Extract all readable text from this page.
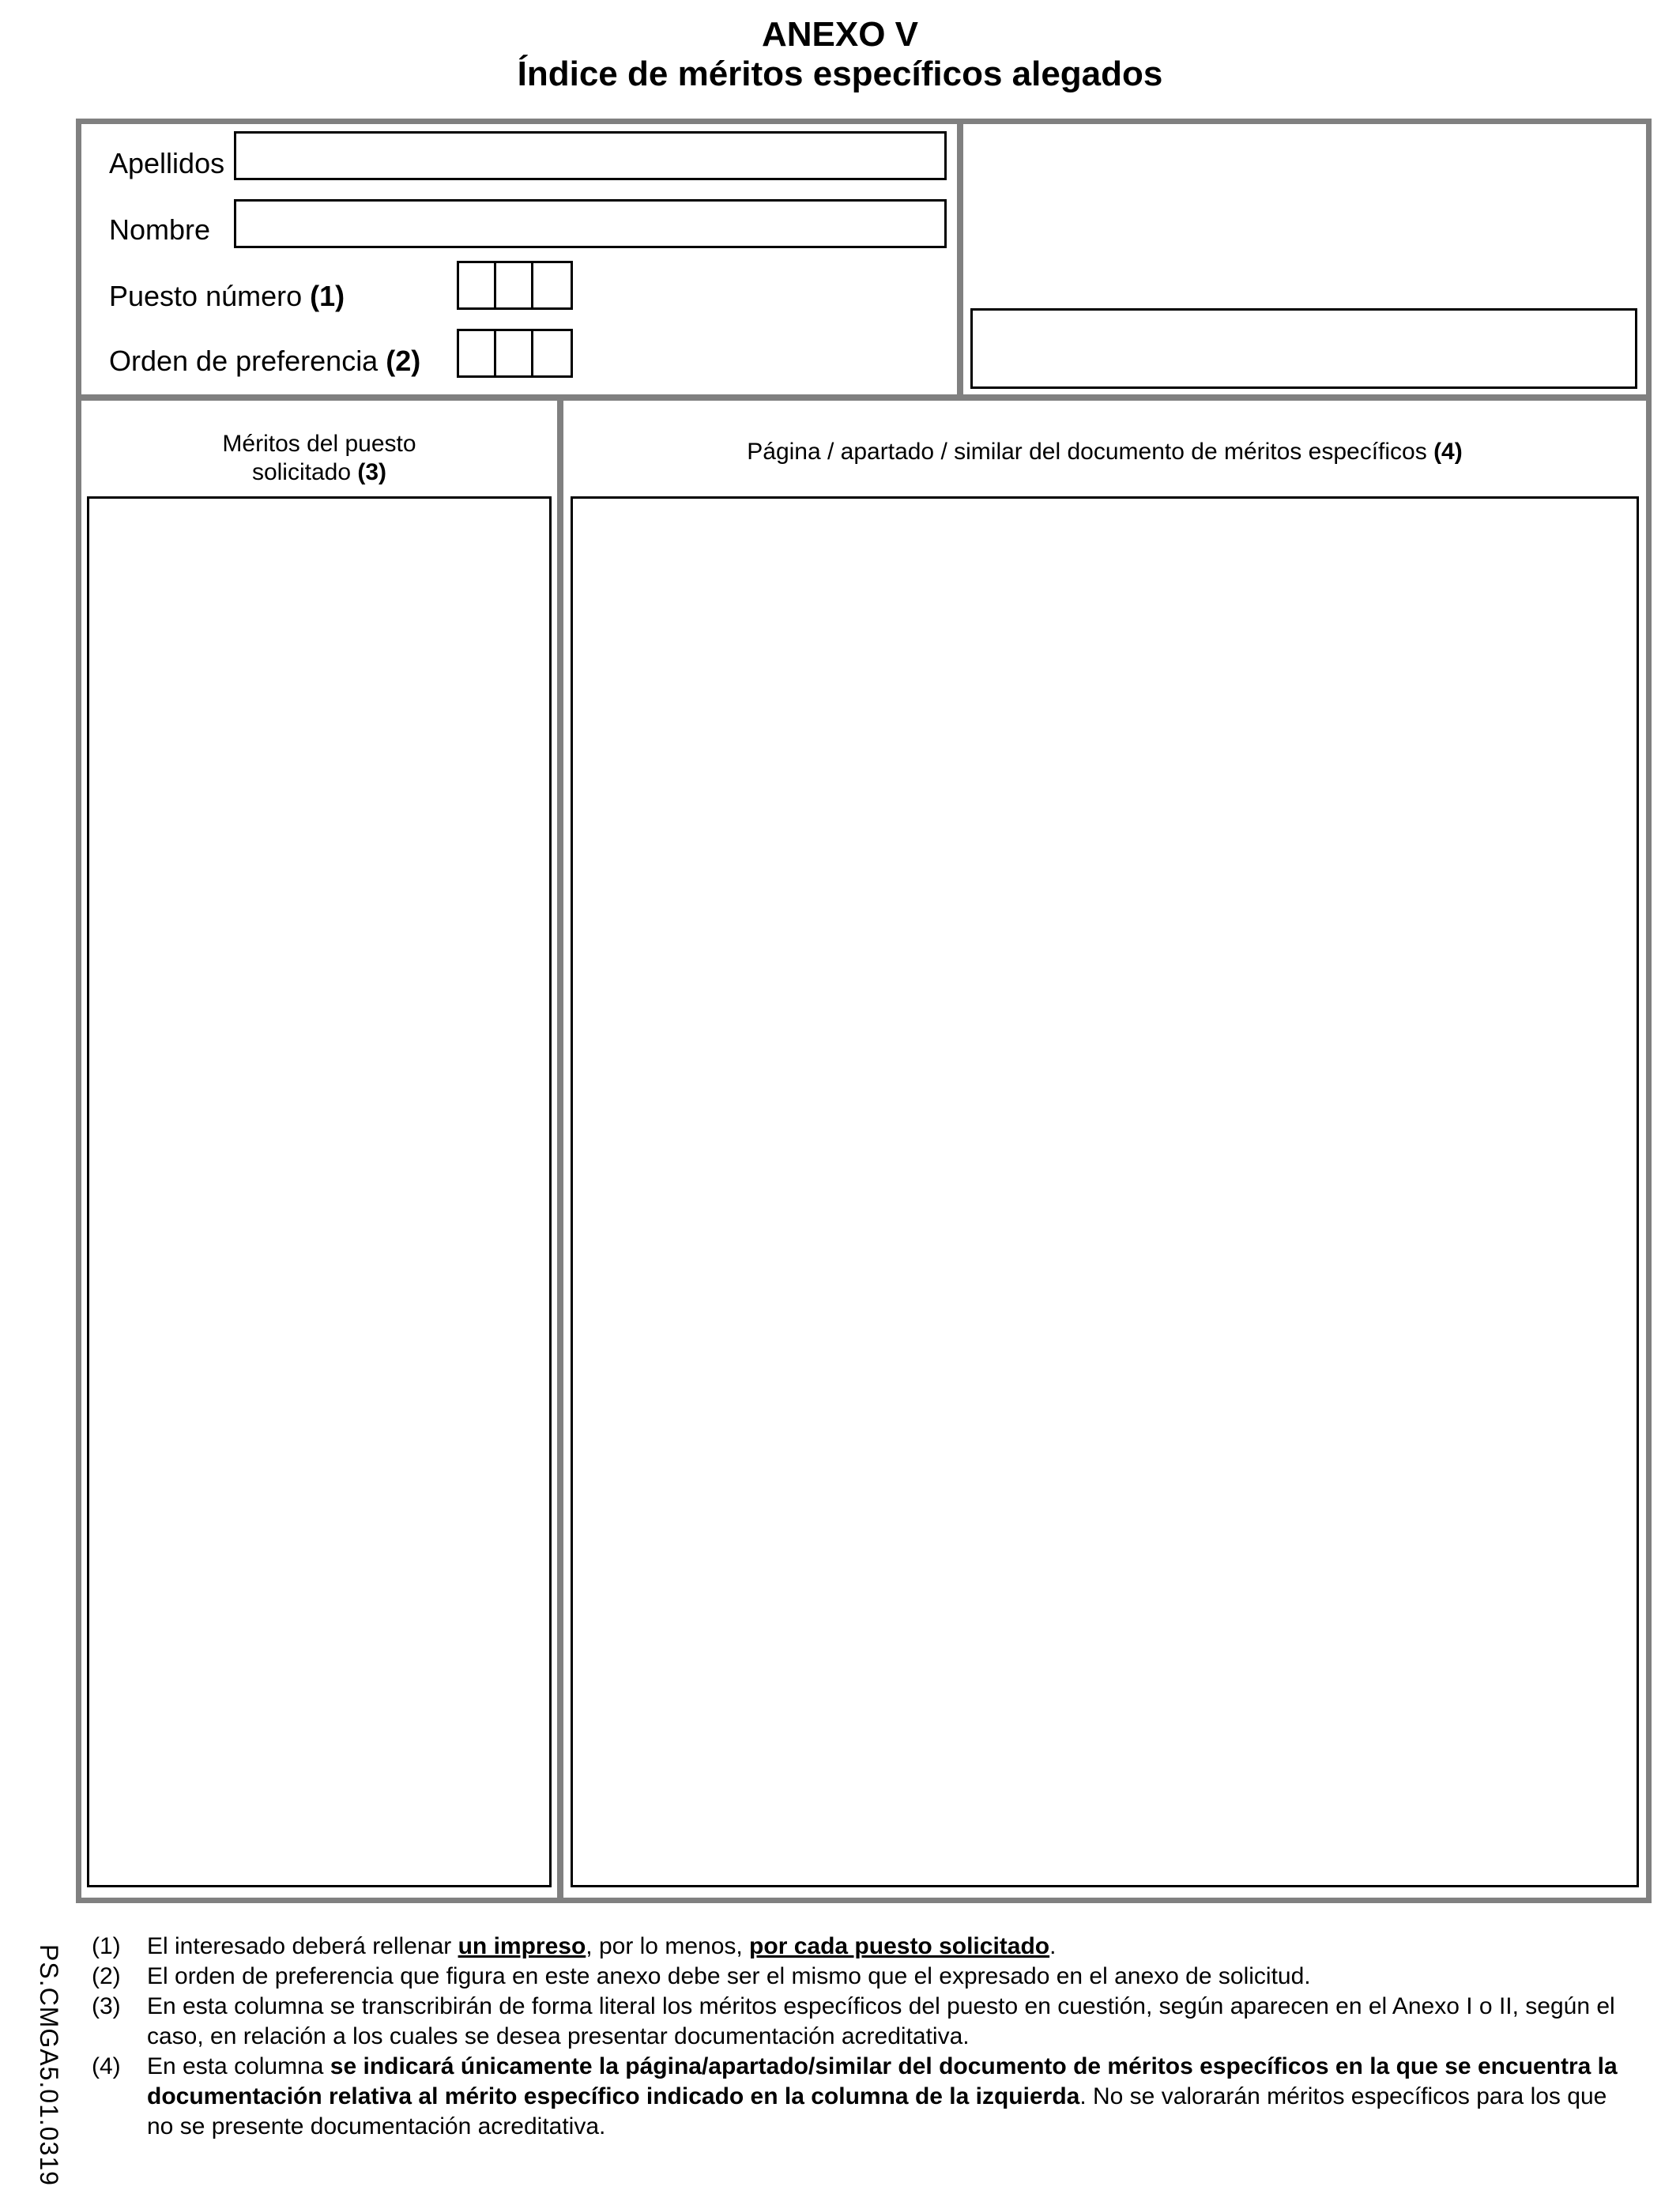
ANEXO V
Índice de méritos específicos alegados
Apellidos
Nombre
Puesto número (1)
Orden de preferencia (2)
Méritos del puesto
solicitado (3)
Página / apartado / similar del documento de méritos específicos (4)
PS.CMGA5.01.0319 (1)	El interesado deberá rellenar un impreso, por lo menos, por cada puesto solicitado.
(2)	El orden de preferencia que figura en este anexo debe ser el mismo que el expresado en el anexo de solicitud.
(3)	En esta columna se transcribirán de forma literal los méritos específicos del puesto en cuestión, según aparecen en el Anexo I o II, según el caso, en relación a los cuales se desea presentar documentación acreditativa.
(4)	En esta columna se indicará únicamente la página/apartado/similar del documento de méritos específicos en la que se encuentra la documentación relativa al mérito específico indicado en la columna de la izquierda. No se valorarán méritos específicos para los que no se presente documentación acreditativa.
